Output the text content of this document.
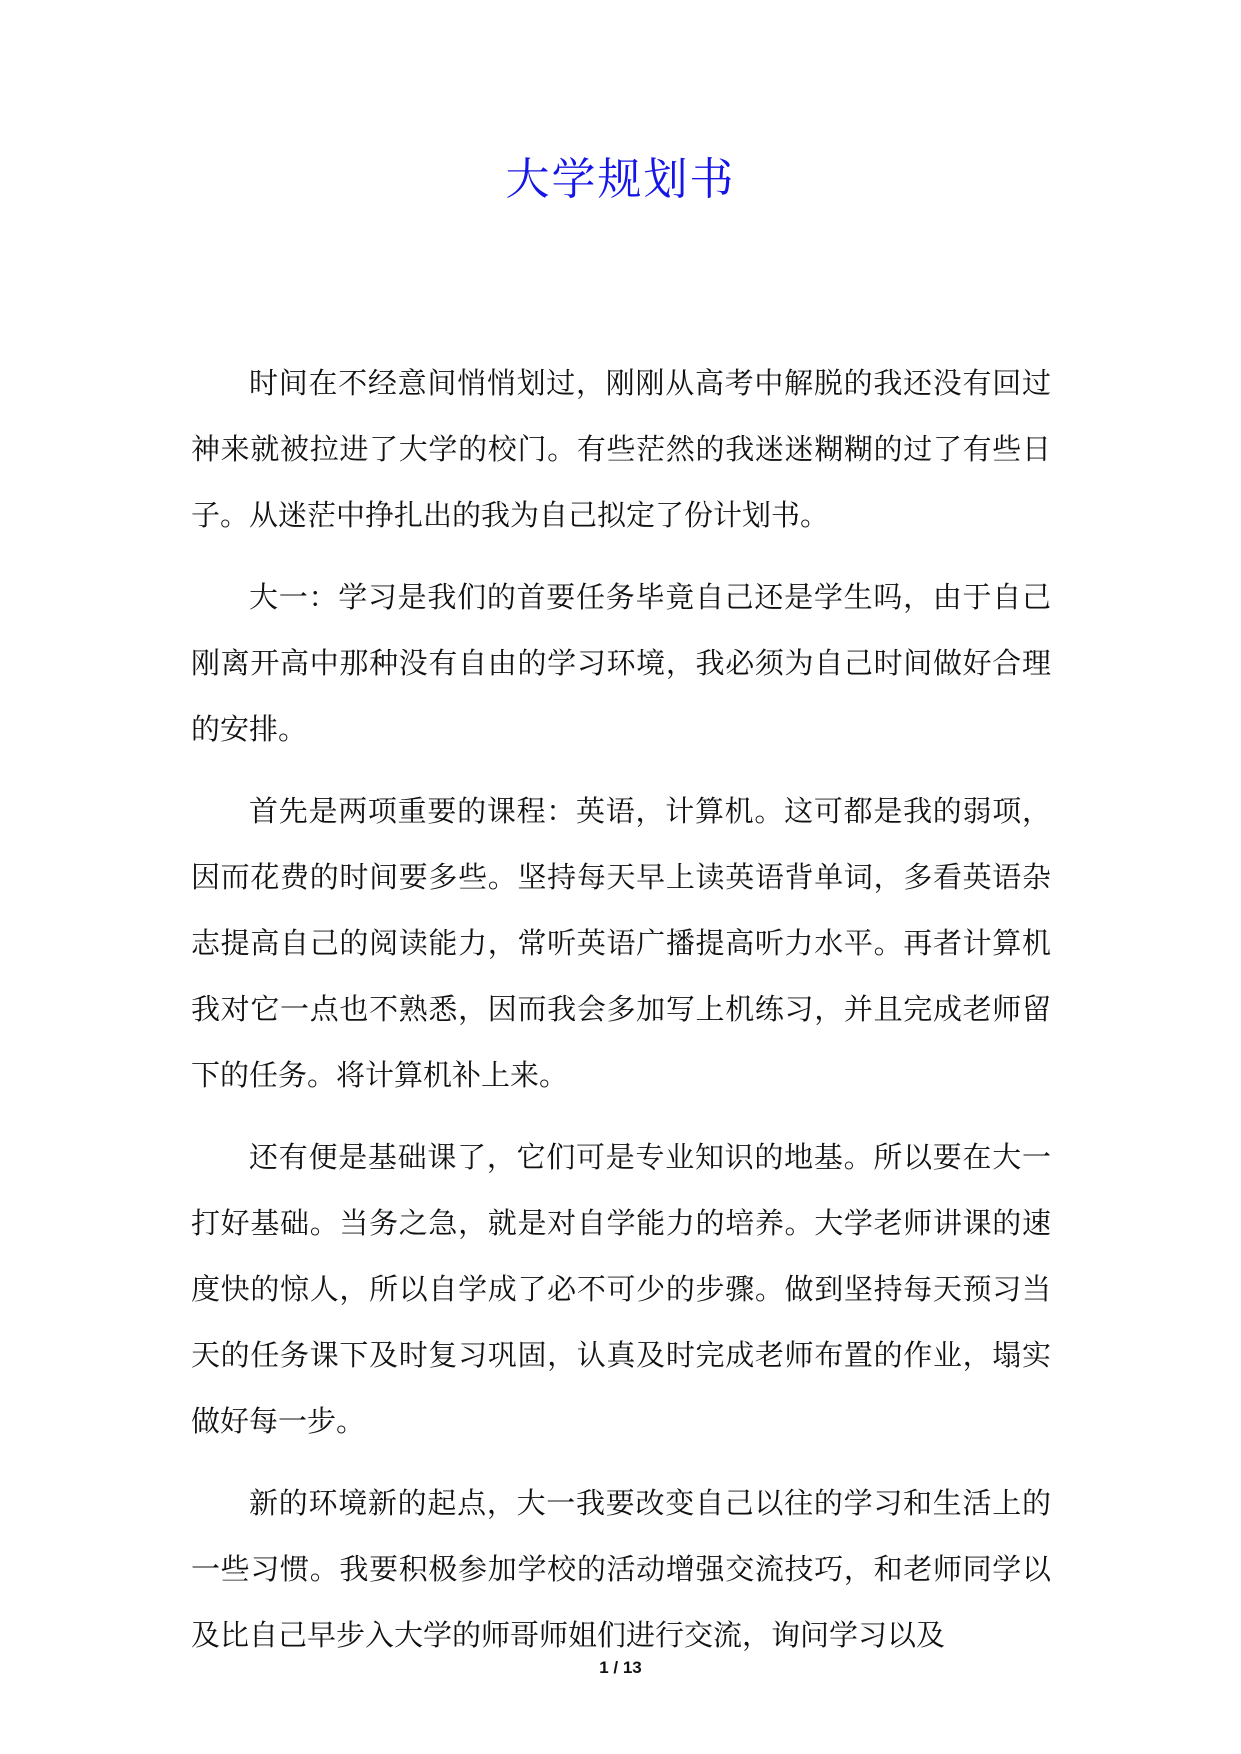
大学规划书

时间在不经意间悄悄划过，刚刚从高考中解脱的我还没有回过神来就被拉进了大学的校门。有些茫然的我迷迷糊糊的过了有些日子。从迷茫中挣扎出的我为自己拟定了份计划书。

大一：学习是我们的首要任务毕竟自己还是学生吗，由于自己刚离开高中那种没有自由的学习环境，我必须为自己时间做好合理的安排。

首先是两项重要的课程：英语，计算机。这可都是我的弱项，因而花费的时间要多些。坚持每天早上读英语背单词，多看英语杂志提高自己的阅读能力，常听英语广播提高听力水平。再者计算机我对它一点也不熟悉，因而我会多加写上机练习，并且完成老师留下的任务。将计算机补上来。

还有便是基础课了，它们可是专业知识的地基。所以要在大一打好基础。当务之急，就是对自学能力的培养。大学老师讲课的速度快的惊人，所以自学成了必不可少的步骤。做到坚持每天预习当天的任务课下及时复习巩固，认真及时完成老师布置的作业，塌实做好每一步。

新的环境新的起点，大一我要改变自己以往的学习和生活上的一些习惯。我要积极参加学校的活动增强交流技巧，和老师同学以及比自己早步入大学的师哥师姐们进行交流，询问学习以及

1 / 13
